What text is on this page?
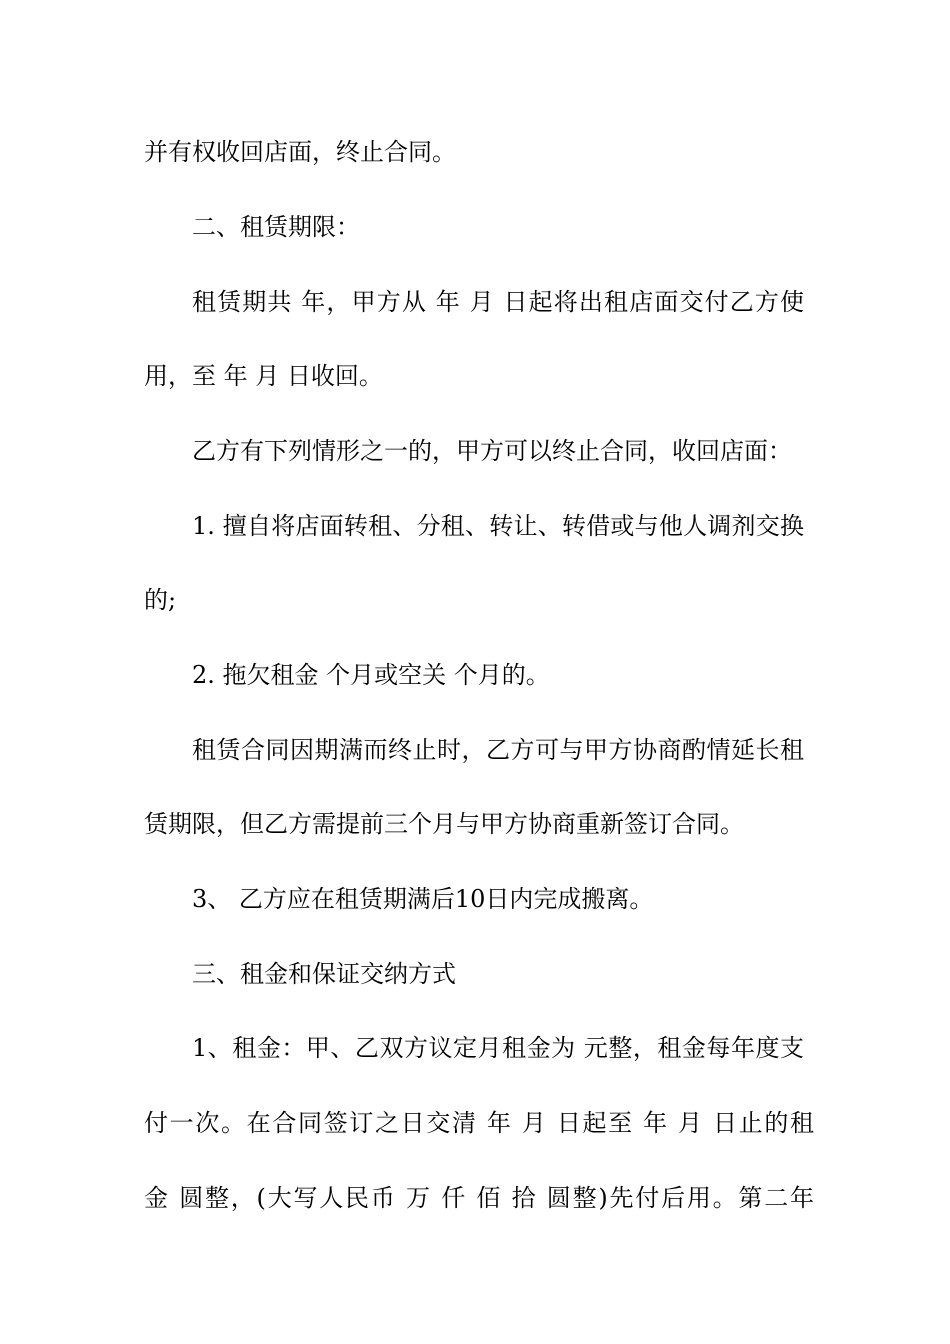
并有权收回店面，终止合同。
二、租赁期限：
租赁期共 年，甲方从 年 月 日起将出租店面交付乙方使
用，至 年 月 日收回。
乙方有下列情形之一的，甲方可以终止合同，收回店面：
1. 擅自将店面转租、分租、转让、转借或与他人调剂交换
的;
2. 拖欠租金 个月或空关 个月的。
租赁合同因期满而终止时，乙方可与甲方协商酌情延长租
赁期限，但乙方需提前三个月与甲方协商重新签订合同。
3、 乙方应在租赁期满后10日内完成搬离。
三、租金和保证交纳方式
1、租金：甲、乙双方议定月租金为 元整，租金每年度支
付一次。在合同签订之日交清 年 月 日起至 年 月 日止的租
金 圆整，(大写人民币 万 仟 佰 拾 圆整)先付后用。第二年
